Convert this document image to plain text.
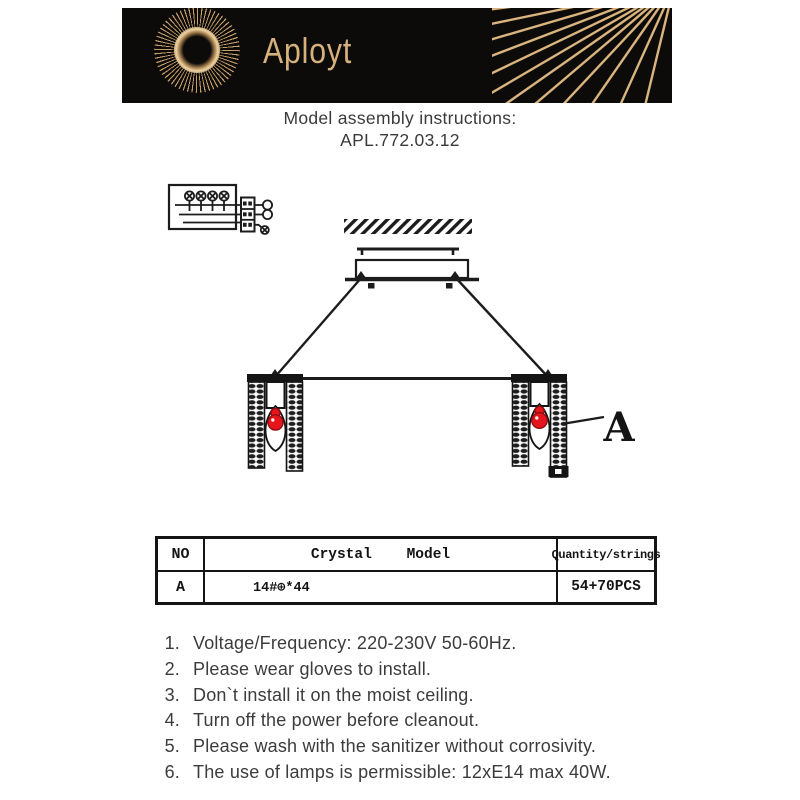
Aployt
Model assembly instructions:
APL.772.03.12
A
NO	Crystal    Model	Quantity/strings
A	14#⊕*44	54+70PCS
1. Voltage/Frequency: 220-230V 50-60Hz.
2. Please wear gloves to install.
3. Don`t install it on the moist ceiling.
4. Turn off the power before cleanout.
5. Please wash with the sanitizer without corrosivity.
6. The use of lamps is permissible: 12xE14 max 40W.
